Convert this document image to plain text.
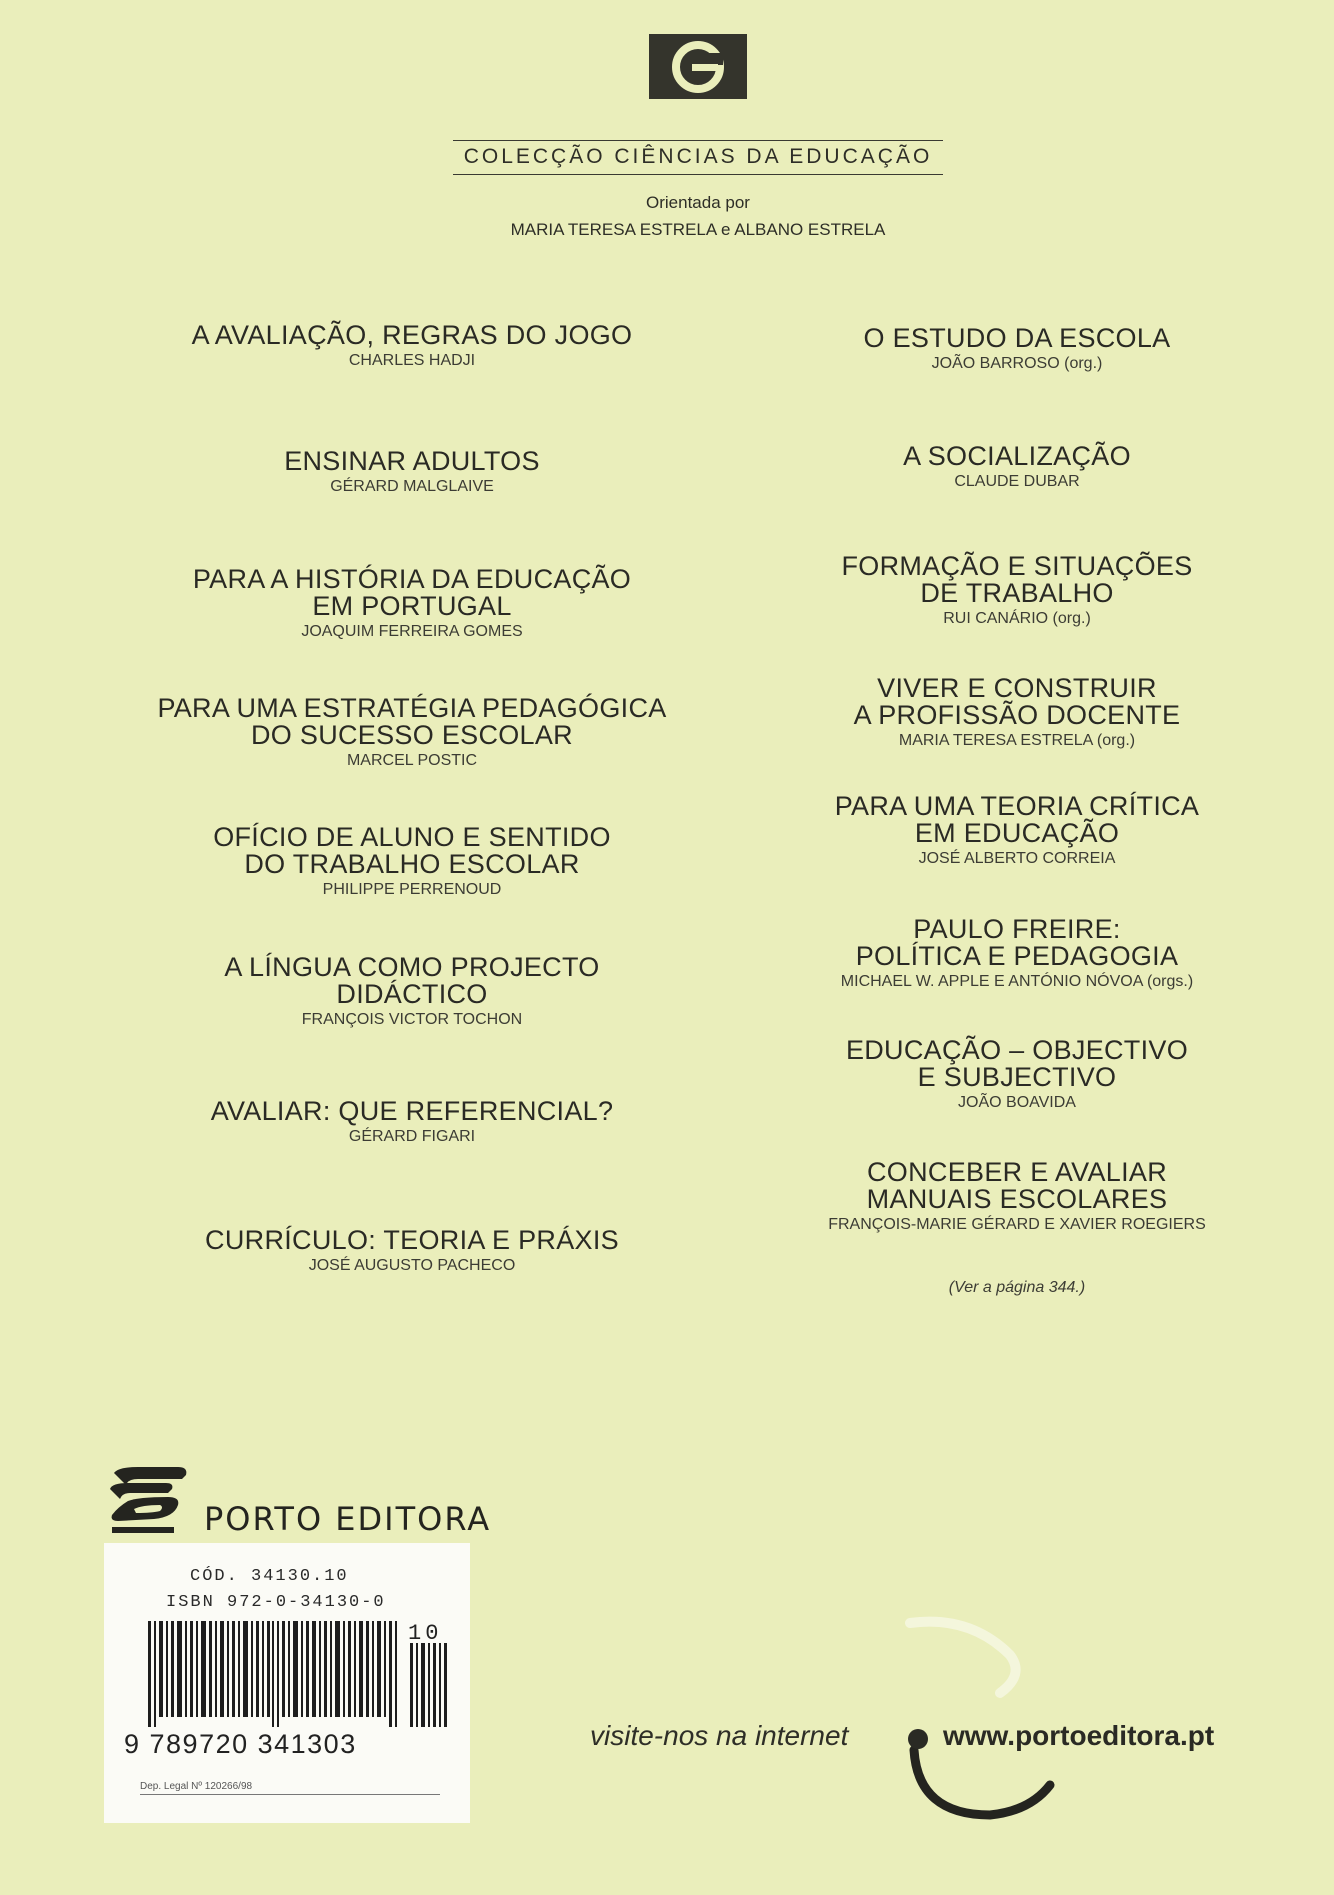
COLECÇÃO CIÊNCIAS DA EDUCAÇÃO
Orientada por
MARIA TERESA ESTRELA e ALBANO ESTRELA
A AVALIAÇÃO, REGRAS DO JOGO
CHARLES HADJI
ENSINAR ADULTOS
GÉRARD MALGLAIVE
PARA A HISTÓRIA DA EDUCAÇÃO
EM PORTUGAL
JOAQUIM FERREIRA GOMES
PARA UMA ESTRATÉGIA PEDAGÓGICA
DO SUCESSO ESCOLAR
MARCEL POSTIC
OFÍCIO DE ALUNO E SENTIDO
DO TRABALHO ESCOLAR
PHILIPPE PERRENOUD
A LÍNGUA COMO PROJECTO
DIDÁCTICO
FRANÇOIS VICTOR TOCHON
AVALIAR: QUE REFERENCIAL?
GÉRARD FIGARI
CURRÍCULO: TEORIA E PRÁXIS
JOSÉ AUGUSTO PACHECO
O ESTUDO DA ESCOLA
JOÃO BARROSO (org.)
A SOCIALIZAÇÃO
CLAUDE DUBAR
FORMAÇÃO E SITUAÇÕES
DE TRABALHO
RUI CANÁRIO (org.)
VIVER E CONSTRUIR
A PROFISSÃO DOCENTE
MARIA TERESA ESTRELA (org.)
PARA UMA TEORIA CRÍTICA
EM EDUCAÇÃO
JOSÉ ALBERTO CORREIA
PAULO FREIRE:
POLÍTICA E PEDAGOGIA
MICHAEL W. APPLE E ANTÓNIO NÓVOA (orgs.)
EDUCAÇÃO – OBJECTIVO
E SUBJECTIVO
JOÃO BOAVIDA
CONCEBER E AVALIAR
MANUAIS ESCOLARES
FRANÇOIS-MARIE GÉRARD E XAVIER ROEGIERS
(Ver a página 344.)
PORTO EDITORA
CÓD. 34130.10
ISBN 972-0-34130-0
10
9 789720 341303
Dep. Legal Nº 120266/98
visite-nos na internet	www.portoeditora.pt
